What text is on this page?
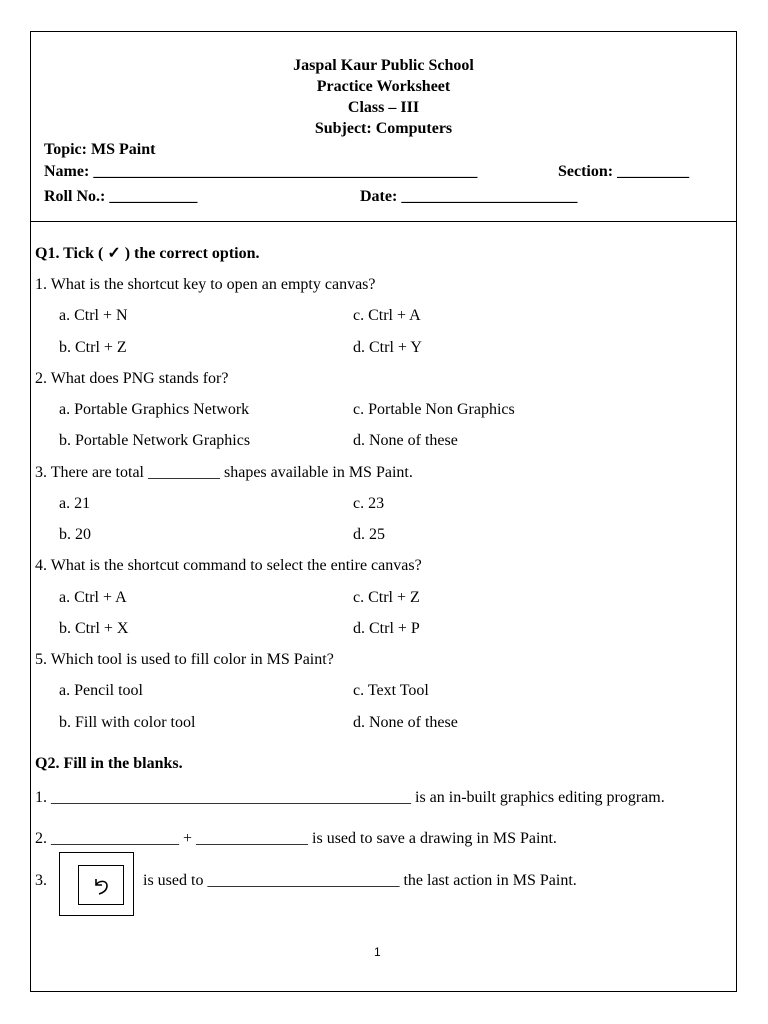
Jaspal Kaur Public School
Practice Worksheet
Class – III
Subject: Computers
Topic: MS Paint
Name: ________________________________________________	Section: _________
Roll No.: ___________	Date: ______________________
Q1. Tick ( ✓ ) the correct option.
1. What is the shortcut key to open an empty canvas?
a. Ctrl + N	c. Ctrl + A
b. Ctrl + Z	d. Ctrl + Y
2. What does PNG stands for?
a. Portable Graphics Network	c. Portable Non Graphics
b. Portable Network Graphics	d. None of these
3. There are total _________ shapes available in MS Paint.
a. 21	c. 23
b. 20	d. 25
4. What is the shortcut command to select the entire canvas?
a. Ctrl + A	c. Ctrl + Z
b. Ctrl + X	d. Ctrl + P
5. Which tool is used to fill color in MS Paint?
a. Pencil tool	c. Text Tool
b. Fill with color tool	d. None of these
Q2. Fill in the blanks.
1. _____________________________________________ is an in-built graphics editing program.
2. ________________ + ______________ is used to save a drawing in MS Paint.
3.	is used to ________________________ the last action in MS Paint.
1
